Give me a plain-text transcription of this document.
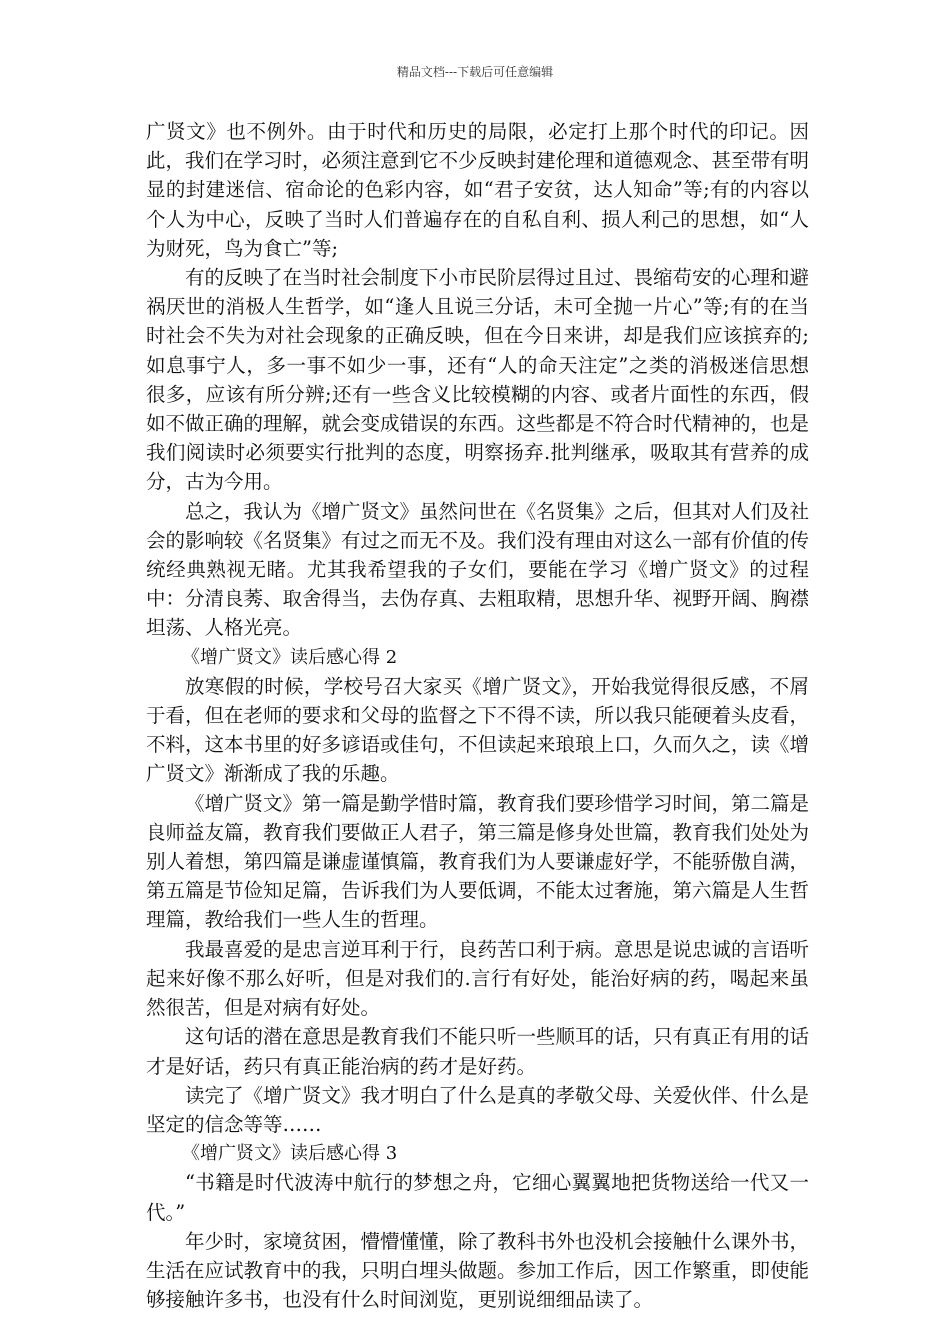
精品文档---下载后可任意编辑

广贤文》也不例外。由于时代和历史的局限，必定打上那个时代的印记。因此，我们在学习时，必须注意到它不少反映封建伦理和道德观念、甚至带有明显的封建迷信、宿命论的色彩内容，如“君子安贫，达人知命”等;有的内容以个人为中心，反映了当时人们普遍存在的自私自利、损人利己的思想，如“人为财死，鸟为食亡”等;

有的反映了在当时社会制度下小市民阶层得过且过、畏缩苟安的心理和避祸厌世的消极人生哲学，如“逢人且说三分话，未可全抛一片心”等;有的在当时社会不失为对社会现象的正确反映，但在今日来讲，却是我们应该摈弃的;如息事宁人，多一事不如少一事，还有“人的命天注定”之类的消极迷信思想很多，应该有所分辨;还有一些含义比较模糊的内容、或者片面性的东西，假如不做正确的理解，就会变成错误的东西。这些都是不符合时代精神的，也是我们阅读时必须要实行批判的态度，明察扬弃.批判继承，吸取其有营养的成分，古为今用。

总之，我认为《增广贤文》虽然问世在《名贤集》之后，但其对人们及社会的影响较《名贤集》有过之而无不及。我们没有理由对这么一部有价值的传统经典熟视无睹。尤其我希望我的子女们，要能在学习《增广贤文》的过程中：分清良莠、取舍得当，去伪存真、去粗取精，思想升华、视野开阔、胸襟坦荡、人格光亮。

《增广贤文》读后感心得 2

放寒假的时候，学校号召大家买《增广贤文》，开始我觉得很反感，不屑于看，但在老师的要求和父母的监督之下不得不读，所以我只能硬着头皮看，不料，这本书里的好多谚语或佳句，不但读起来琅琅上口，久而久之，读《增广贤文》渐渐成了我的乐趣。

《增广贤文》第一篇是勤学惜时篇，教育我们要珍惜学习时间，第二篇是良师益友篇，教育我们要做正人君子，第三篇是修身处世篇，教育我们处处为别人着想，第四篇是谦虚谨慎篇，教育我们为人要谦虚好学，不能骄傲自满，第五篇是节俭知足篇，告诉我们为人要低调，不能太过奢施，第六篇是人生哲理篇，教给我们一些人生的哲理。

我最喜爱的是忠言逆耳利于行，良药苦口利于病。意思是说忠诚的言语听起来好像不那么好听，但是对我们的.言行有好处，能治好病的药，喝起来虽然很苦，但是对病有好处。

这句话的潜在意思是教育我们不能只听一些顺耳的话，只有真正有用的话才是好话，药只有真正能治病的药才是好药。

读完了《增广贤文》我才明白了什么是真的孝敬父母、关爱伙伴、什么是坚定的信念等等……

《增广贤文》读后感心得 3

“书籍是时代波涛中航行的梦想之舟，它细心翼翼地把货物送给一代又一代。”

年少时，家境贫困，懵懵懂懂，除了教科书外也没机会接触什么课外书，生活在应试教育中的我，只明白埋头做题。参加工作后，因工作繁重，即使能够接触许多书，也没有什么时间浏览，更别说细细品读了。
